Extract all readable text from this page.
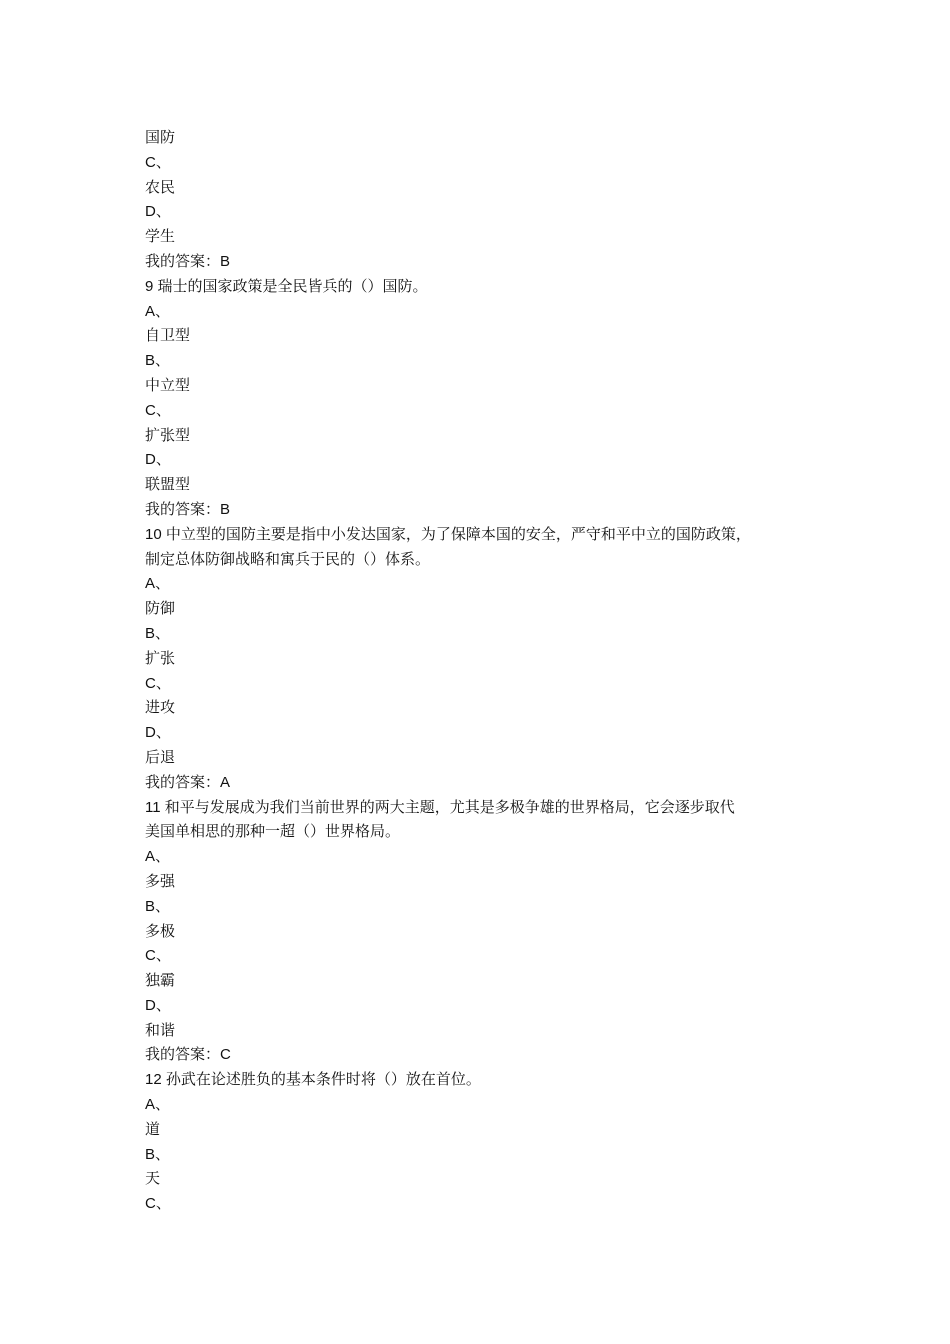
国防
C、
农民
D、
学生
我的答案：B
9 瑞士的国家政策是全民皆兵的（）国防。
A、
自卫型
B、
中立型
C、
扩张型
D、
联盟型
我的答案：B
10 中立型的国防主要是指中小发达国家，为了保障本国的安全，严守和平中立的国防政策，
制定总体防御战略和寓兵于民的（）体系。
A、
防御
B、
扩张
C、
进攻
D、
后退
我的答案：A
11 和平与发展成为我们当前世界的两大主题，尤其是多极争雄的世界格局，它会逐步取代
美国单相思的那种一超（）世界格局。
A、
多强
B、
多极
C、
独霸
D、
和谐
我的答案：C
12 孙武在论述胜负的基本条件时将（）放在首位。
A、
道
B、
天
C、
